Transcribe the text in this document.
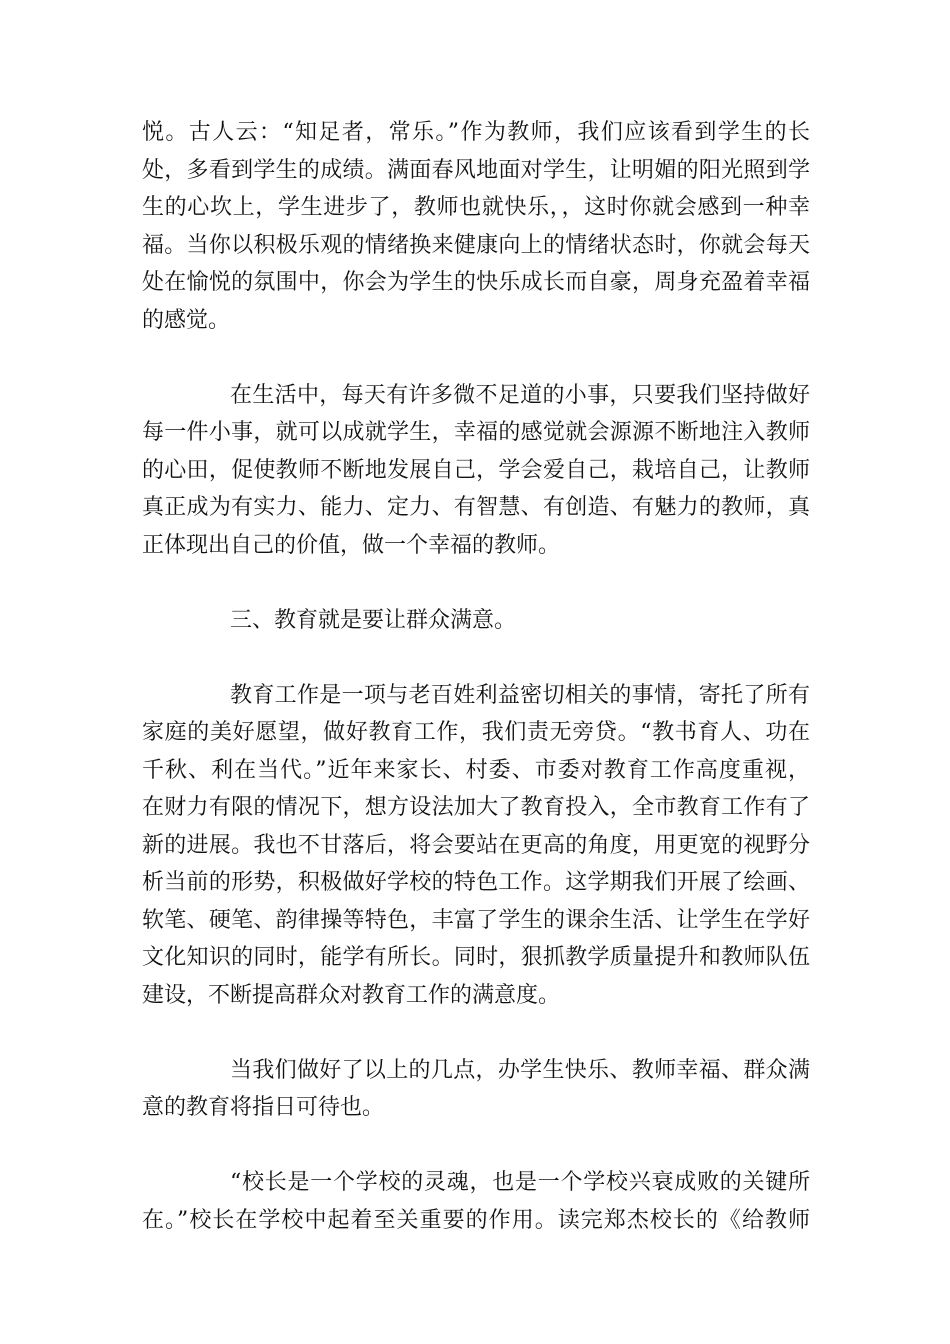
悦。古人云：“知足者，常乐。”作为教师，我们应该看到学生的长
处，多看到学生的成绩。满面春风地面对学生，让明媚的阳光照到学
生的心坎上，学生进步了，教师也就快乐，，这时你就会感到一种幸
福。当你以积极乐观的情绪换来健康向上的情绪状态时，你就会每天
处在愉悦的氛围中，你会为学生的快乐成长而自豪，周身充盈着幸福
的感觉。
在生活中，每天有许多微不足道的小事，只要我们坚持做好
每一件小事，就可以成就学生，幸福的感觉就会源源不断地注入教师
的心田，促使教师不断地发展自己，学会爱自己，栽培自己，让教师
真正成为有实力、能力、定力、有智慧、有创造、有魅力的教师，真
正体现出自己的价值，做一个幸福的教师。
三、教育就是要让群众满意。
教育工作是一项与老百姓利益密切相关的事情，寄托了所有
家庭的美好愿望，做好教育工作，我们责无旁贷。“教书育人、功在
千秋、利在当代。”近年来家长、村委、市委对教育工作高度重视，
在财力有限的情况下，想方设法加大了教育投入，全市教育工作有了
新的进展。我也不甘落后，将会要站在更高的角度，用更宽的视野分
析当前的形势，积极做好学校的特色工作。这学期我们开展了绘画、
软笔、硬笔、韵律操等特色，丰富了学生的课余生活、让学生在学好
文化知识的同时，能学有所长。同时，狠抓教学质量提升和教师队伍
建设，不断提高群众对教育工作的满意度。
当我们做好了以上的几点，办学生快乐、教师幸福、群众满
意的教育将指日可待也。
“校长是一个学校的灵魂，也是一个学校兴衰成败的关键所
在。”校长在学校中起着至关重要的作用。读完郑杰校长的《给教师
